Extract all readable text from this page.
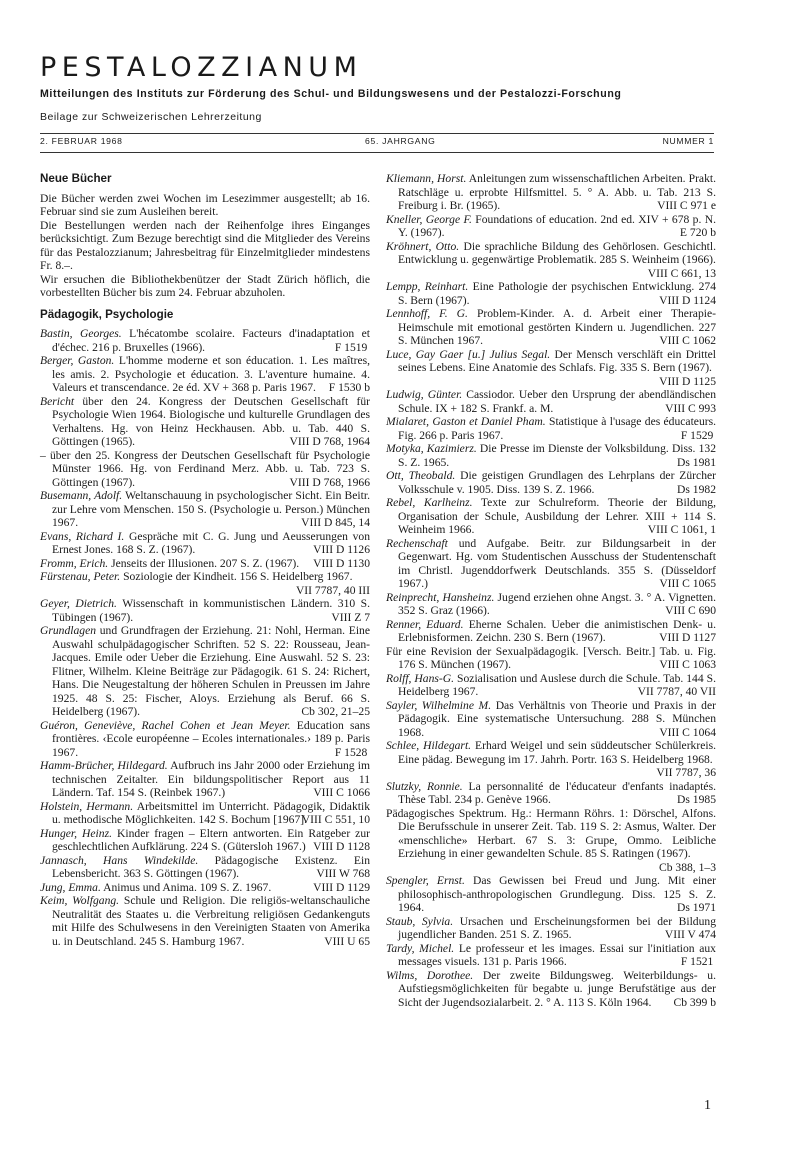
PESTALOZZIANUM
Mitteilungen des Instituts zur Förderung des Schul- und Bildungswesens und der Pestalozzi-Forschung
Beilage zur Schweizerischen Lehrerzeitung
2. FEBRUAR 1968	65. JAHRGANG	NUMMER 1
Neue Bücher

Die Bücher werden zwei Wochen im Lesezimmer ausgestellt; ab 16. Februar sind sie zum Ausleihen bereit.

Die Bestellungen werden nach der Reihenfolge ihres Einganges berücksichtigt. Zum Bezuge berechtigt sind die Mitglieder des Vereins für das Pestalozzianum; Jahresbeitrag für Einzelmitglieder mindestens Fr. 8.–.

Wir ersuchen die Bibliothekbenützer der Stadt Zürich höflich, die vorbestellten Bücher bis zum 24. Februar abzuholen.

Pädagogik, Psychologie

Bastin, Georges. L'hécatombe scolaire. Facteurs d'inadaptation et d'échec. 216 p. Bruxelles (1966).	F 1519

Berger, Gaston. L'homme moderne et son éducation. 1. Les maîtres, les amis. 2. Psychologie et éducation. 3. L'aventure humaine. 4. Valeurs et transcendance. 2e éd. XV + 368 p. Paris 1967. F 1530 b

Bericht über den 24. Kongress der Deutschen Gesellschaft für Psychologie Wien 1964. Biologische und kulturelle Grundlagen des Verhaltens. Hg. von Heinz Heckhausen. Abb. u. Tab. 440 S. Göttingen (1965).	VIII D 768, 1964

– über den 25. Kongress der Deutschen Gesellschaft für Psychologie Münster 1966. Hg. von Ferdinand Merz. Abb. u. Tab. 723 S. Göttingen (1967).	VIII D 768, 1966

Busemann, Adolf. Weltanschauung in psychologischer Sicht. Ein Beitr. zur Lehre vom Menschen. 150 S. (Psychologie u. Person.) München 1967.	VIII D 845, 14

Evans, Richard I. Gespräche mit C. G. Jung und Aeusserungen von Ernest Jones. 168 S. Z. (1967).	VIII D 1126

Fromm, Erich. Jenseits der Illusionen. 207 S. Z. (1967). VIII D 1130

Fürstenau, Peter. Soziologie der Kindheit. 156 S. Heidelberg 1967.
VII 7787, 40 III

Geyer, Dietrich. Wissenschaft in kommunistischen Ländern. 310 S. Tübingen (1967).	VIII Z 7

Grundlagen und Grundfragen der Erziehung. 21: Nohl, Herman. Eine Auswahl schulpädagogischer Schriften. 52 S. 22: Rousseau, Jean-Jacques. Emile oder Ueber die Erziehung. Eine Auswahl. 52 S. 23: Flitner, Wilhelm. Kleine Beiträge zur Pädagogik. 61 S. 24: Richert, Hans. Die Neugestaltung der höheren Schulen in Preussen im Jahre 1925. 48 S. 25: Fischer, Aloys. Erziehung als Beruf. 66 S. Heidelberg (1967).	Cb 302, 21–25

Guéron, Geneviève, Rachel Cohen et Jean Meyer. Education sans frontières. ‹Ecole européenne – Ecoles internationales.› 189 p. Paris 1967.	F 1528

Hamm-Brücher, Hildegard. Aufbruch ins Jahr 2000 oder Erziehung im technischen Zeitalter. Ein bildungspolitischer Report aus 11 Ländern. Taf. 154 S. (Reinbek 1967.)	VIII C 1066

Holstein, Hermann. Arbeitsmittel im Unterricht. Pädagogik, Didaktik u. methodische Möglichkeiten. 142 S. Bochum [1967].
VIII C 551, 10

Hunger, Heinz. Kinder fragen – Eltern antworten. Ein Ratgeber zur geschlechtlichen Aufklärung. 224 S. (Gütersloh 1967.) VIII D 1128

Jannasch, Hans Windekilde. Pädagogische Existenz. Ein Lebensbericht. 363 S. Göttingen (1967).	VIII W 768

Jung, Emma. Animus und Anima. 109 S. Z. 1967.	VIII D 1129

Keim, Wolfgang. Schule und Religion. Die religiös-weltanschauliche Neutralität des Staates u. die Verbreitung religiösen Gedankenguts mit Hilfe des Schulwesens in den Vereinigten Staaten von Amerika u. in Deutschland. 245 S. Hamburg 1967.	VIII U 65

Kliemann, Horst. Anleitungen zum wissenschaftlichen Arbeiten. Prakt. Ratschläge u. erprobte Hilfsmittel. 5. ° A. Abb. u. Tab. 213 S. Freiburg i. Br. (1965).	VIII C 971 e

Kneller, George F. Foundations of education. 2nd ed. XIV + 678 p. N. Y. (1967).	E 720 b

Kröhnert, Otto. Die sprachliche Bildung des Gehörlosen. Geschichtl. Entwicklung u. gegenwärtige Problematik. 285 S. Weinheim (1966).
VIII C 661, 13

Lempp, Reinhart. Eine Pathologie der psychischen Entwicklung. 274 S. Bern (1967).	VIII D 1124

Lennhoff, F. G. Problem-Kinder. A. d. Arbeit einer Therapie-Heimschule mit emotional gestörten Kindern u. Jugendlichen. 227 S. München 1967.	VIII C 1062

Luce, Gay Gaer [u.] Julius Segal. Der Mensch verschläft ein Drittel seines Lebens. Eine Anatomie des Schlafs. Fig. 335 S. Bern (1967).
VIII D 1125

Ludwig, Günter. Cassiodor. Ueber den Ursprung der abendländischen Schule. IX + 182 S. Frankf. a. M.	VIII C 993

Mialaret, Gaston et Daniel Pham. Statistique à l'usage des éducateurs. Fig. 266 p. Paris 1967.	F 1529

Motyka, Kazimierz. Die Presse im Dienste der Volksbildung. Diss. 132 S. Z. 1965.	Ds 1981

Ott, Theobald. Die geistigen Grundlagen des Lehrplans der Zürcher Volksschule v. 1905. Diss. 139 S. Z. 1966.	Ds 1982

Rebel, Karlheinz. Texte zur Schulreform. Theorie der Bildung, Organisation der Schule, Ausbildung der Lehrer. XIII + 114 S. Weinheim 1966.	VIII C 1061, 1

Rechenschaft und Aufgabe. Beitr. zur Bildungsarbeit in der Gegenwart. Hg. vom Studentischen Ausschuss der Studentenschaft im Christl. Jugenddorfwerk Deutschlands. 355 S. (Düsseldorf 1967.)	VIII C 1065

Reinprecht, Hansheinz. Jugend erziehen ohne Angst. 3. ° A. Vignetten. 352 S. Graz (1966).	VIII C 690

Renner, Eduard. Eherne Schalen. Ueber die animistischen Denk- u. Erlebnisformen. Zeichn. 230 S. Bern (1967).	VIII D 1127

Für eine Revision der Sexualpädagogik. [Versch. Beitr.] Tab. u. Fig. 176 S. München (1967).	VIII C 1063

Rolff, Hans-G. Sozialisation und Auslese durch die Schule. Tab. 144 S. Heidelberg 1967.	VII 7787, 40 VII

Sayler, Wilhelmine M. Das Verhältnis von Theorie und Praxis in der Pädagogik. Eine systematische Untersuchung. 288 S. München 1968.	VIII C 1064

Schlee, Hildegart. Erhard Weigel und sein süddeutscher Schülerkreis. Eine pädag. Bewegung im 17. Jahrh. Portr. 163 S. Heidelberg 1968.
VII 7787, 36

Slutzky, Ronnie. La personnalité de l'éducateur d'enfants inadaptés. Thèse Tabl. 234 p. Genève 1966.	Ds 1985

Pädagogisches Spektrum. Hg.: Hermann Röhrs. 1: Dörschel, Alfons. Die Berufsschule in unserer Zeit. Tab. 119 S. 2: Asmus, Walter. Der «menschliche» Herbart. 67 S. 3: Grupe, Ommo. Leibliche Erziehung in einer gewandelten Schule. 85 S. Ratingen (1967).
Cb 388, 1–3

Spengler, Ernst. Das Gewissen bei Freud und Jung. Mit einer philosophisch-anthropologischen Grundlegung. Diss. 125 S. Z. 1964.	Ds 1971

Staub, Sylvia. Ursachen und Erscheinungsformen bei der Bildung jugendlicher Banden. 251 S. Z. 1965.	VIII V 474

Tardy, Michel. Le professeur et les images. Essai sur l'initiation aux messages visuels. 131 p. Paris 1966.	F 1521

Wilms, Dorothee. Der zweite Bildungsweg. Weiterbildungs- u. Aufstiegsmöglichkeiten für begabte u. junge Berufstätige aus der Sicht der Jugendsozialarbeit. 2. ° A. 113 S. Köln 1964. Cb 399 b

1
